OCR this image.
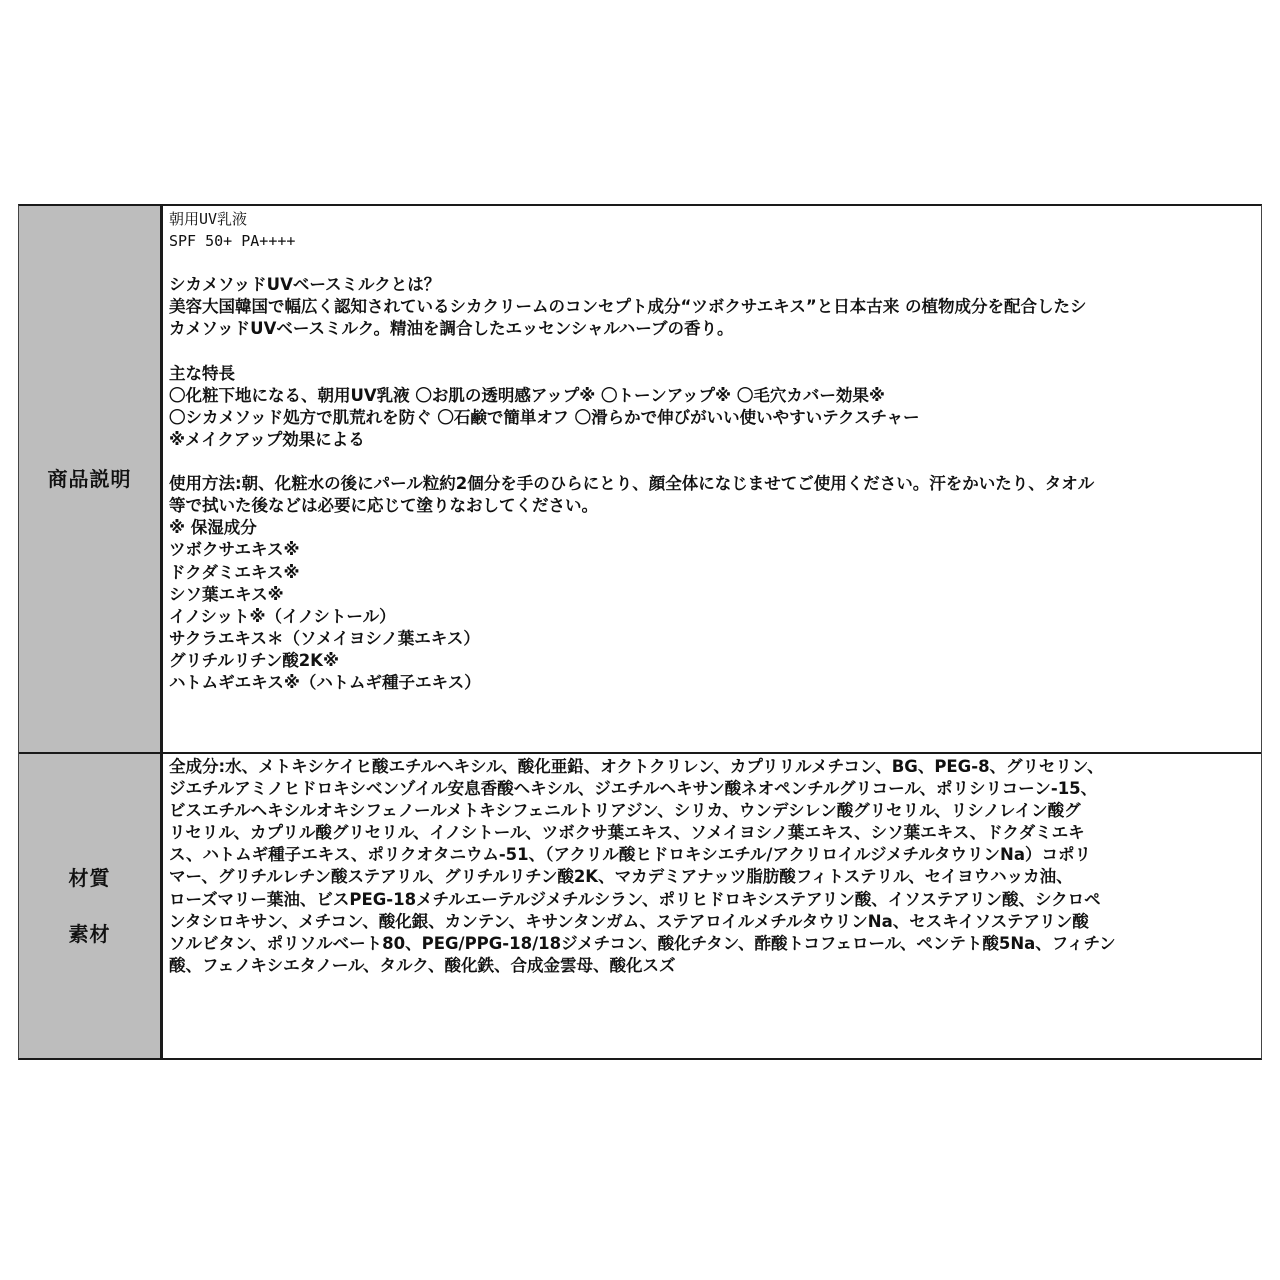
商品説明
朝用UV乳液
SPF 50+ PA++++
シカメソッドUVベースミルクとは？
美容大国韓国で幅広く認知されているシカクリームのコンセプト成分“ツボクサエキス”と日本古来 の植物成分を配合したシ
カメソッドUVベースミルク。精油を調合したエッセンシャルハーブの香り。
主な特長
〇化粧下地になる、朝用UV乳液 〇お肌の透明感アップ※ 〇トーンアップ※ 〇毛穴カバー効果※
〇シカメソッド処方で肌荒れを防ぐ 〇石鹸で簡単オフ 〇滑らかで伸びがいい使いやすいテクスチャー
※メイクアップ効果による
使用方法:朝、化粧水の後にパール粒約2個分を手のひらにとり、顔全体になじませてご使用ください。汗をかいたり、タオル
等で拭いた後などは必要に応じて塗りなおしてください。
※ 保湿成分
ツボクサエキス※
ドクダミエキス※
シソ葉エキス※
イノシット※（イノシトール）
サクラエキス＊（ソメイヨシノ葉エキス）
グリチルリチン酸2K※
ハトムギエキス※（ハトムギ種子エキス）
材質
素材
全成分:水、メトキシケイヒ酸エチルヘキシル、酸化亜鉛、オクトクリレン、カプリリルメチコン、BG、PEG-8、グリセリン、
ジエチルアミノヒドロキシベンゾイル安息香酸ヘキシル、ジエチルヘキサン酸ネオペンチルグリコール、ポリシリコーン-15、
ビスエチルヘキシルオキシフェノールメトキシフェニルトリアジン、シリカ、ウンデシレン酸グリセリル、リシノレイン酸グ
リセリル、カプリル酸グリセリル、イノシトール、ツボクサ葉エキス、ソメイヨシノ葉エキス、シソ葉エキス、ドクダミエキ
ス、ハトムギ種子エキス、ポリクオタニウム-51、（アクリル酸ヒドロキシエチル/アクリロイルジメチルタウリンNa）コポリ
マー、グリチルレチン酸ステアリル、グリチルリチン酸2K、マカデミアナッツ脂肪酸フィトステリル、セイヨウハッカ油、
ローズマリー葉油、ビスPEG-18メチルエーテルジメチルシラン、ポリヒドロキシステアリン酸、イソステアリン酸、シクロペ
ンタシロキサン、メチコン、酸化銀、カンテン、キサンタンガム、ステアロイルメチルタウリンNa、セスキイソステアリン酸
ソルビタン、ポリソルベート80、PEG/PPG-18/18ジメチコン、酸化チタン、酢酸トコフェロール、ペンテト酸5Na、フィチン
酸、フェノキシエタノール、タルク、酸化鉄、合成金雲母、酸化スズ
